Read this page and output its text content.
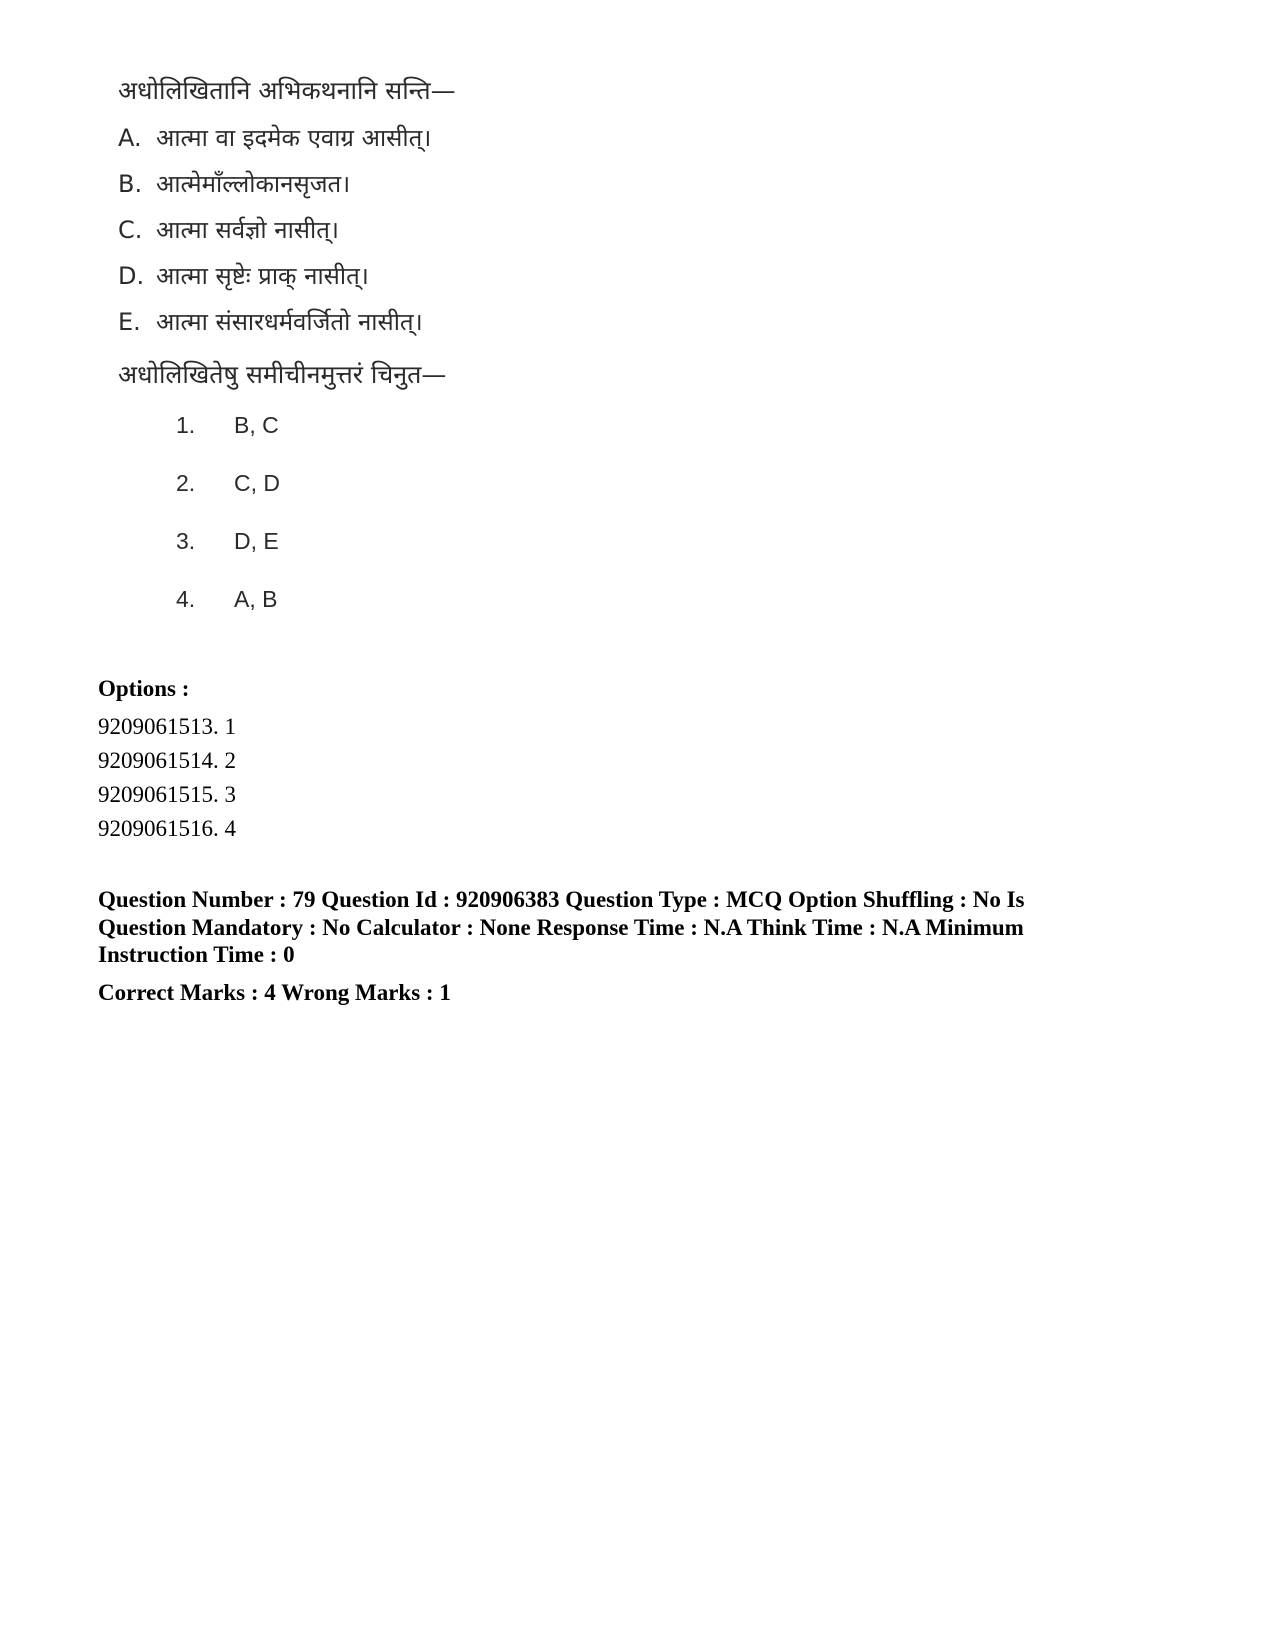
अधोलिखितानि अभिकथनानि सन्ति—
A. आत्मा वा इदमेक एवाग्र आसीत्।
B. आत्मेमाँल्लोकानसृजत।
C. आत्मा सर्वज्ञो नासीत्।
D. आत्मा सृष्टेः प्राक् नासीत्।
E. आत्मा संसारधर्मवर्जितो नासीत्।
अधोलिखितेषु समीचीनमुत्तरं चिनुत—
1.	B, C
2.	C, D
3.	D, E
4.	A, B
Options :
9209061513. 1
9209061514. 2
9209061515. 3
9209061516. 4
Question Number : 79 Question Id : 920906383 Question Type : MCQ Option Shuffling : No Is
Question Mandatory : No Calculator : None Response Time : N.A Think Time : N.A Minimum
Instruction Time : 0
Correct Marks : 4 Wrong Marks : 1
